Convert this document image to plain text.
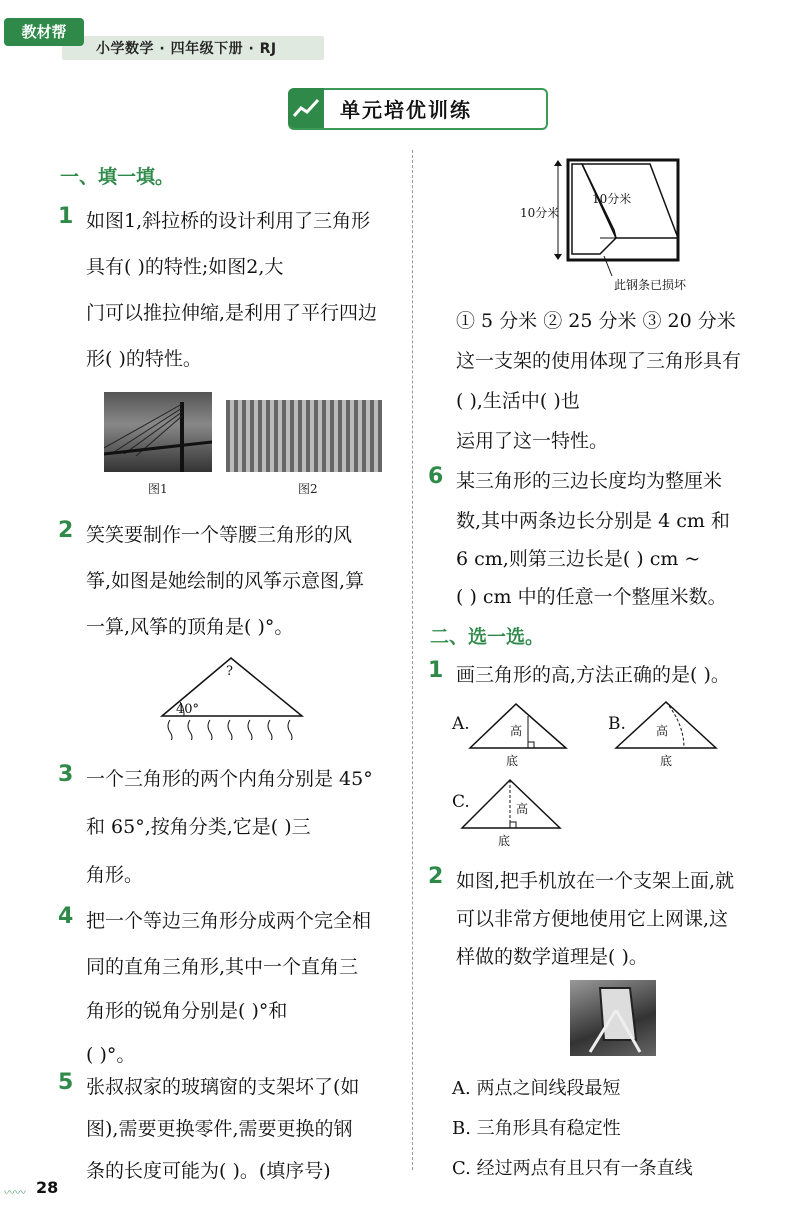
教材帮
小学数学 · 四年级下册 · RJ
单元培优训练
一、填一填。
1 如图1,斜拉桥的设计利用了三角形
具有( )的特性;如图2,大
门可以推拉伸缩,是利用了平行四边
形( )的特性。
图1	图2
2 笑笑要制作一个等腰三角形的风
筝,如图是她绘制的风筝示意图,算
一算,风筝的顶角是( )°。
?
40°
3 一个三角形的两个内角分别是 45°
和 65°,按角分类,它是( )三
角形。
4 把一个等边三角形分成两个完全相
同的直角三角形,其中一个直角三
角形的锐角分别是( )°和
( )°。
5 张叔叔家的玻璃窗的支架坏了(如
图),需要更换零件,需要更换的钢
条的长度可能为( )。(填序号)
〰〰 28
10分米
10分米
此钢条已损坏
① 5 分米 ② 25 分米 ③ 20 分米
这一支架的使用体现了三角形具有
( ),生活中( )也
运用了这一特性。
6 某三角形的三边长度均为整厘米
数,其中两条边长分别是 4 cm 和
6 cm,则第三边长是( ) cm ~
( ) cm 中的任意一个整厘米数。
二、选一选。
1 画三角形的高,方法正确的是( )。
A.	高
底
B.	高
底
C.	高
底
2 如图,把手机放在一个支架上面,就
可以非常方便地使用它上网课,这
样做的数学道理是( )。
A. 两点之间线段最短
B. 三角形具有稳定性
C. 经过两点有且只有一条直线
